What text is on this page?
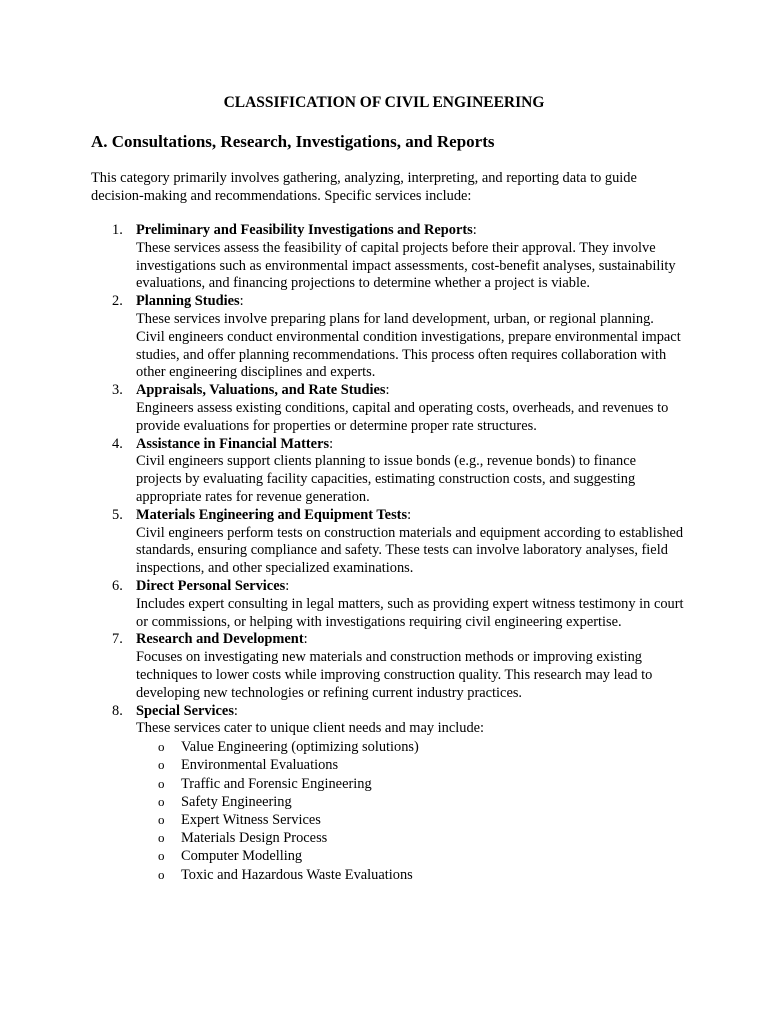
CLASSIFICATION OF CIVIL ENGINEERING
A. Consultations, Research, Investigations, and Reports

This category primarily involves gathering, analyzing, interpreting, and reporting data to guide decision-making and recommendations. Specific services include:

1. Preliminary and Feasibility Investigations and Reports:
These services assess the feasibility of capital projects before their approval. They involve investigations such as environmental impact assessments, cost-benefit analyses, sustainability evaluations, and financing projections to determine whether a project is viable.
2. Planning Studies:
These services involve preparing plans for land development, urban, or regional planning. Civil engineers conduct environmental condition investigations, prepare environmental impact studies, and offer planning recommendations. This process often requires collaboration with other engineering disciplines and experts.
3. Appraisals, Valuations, and Rate Studies:
Engineers assess existing conditions, capital and operating costs, overheads, and revenues to provide evaluations for properties or determine proper rate structures.
4. Assistance in Financial Matters:
Civil engineers support clients planning to issue bonds (e.g., revenue bonds) to finance projects by evaluating facility capacities, estimating construction costs, and suggesting appropriate rates for revenue generation.
5. Materials Engineering and Equipment Tests:
Civil engineers perform tests on construction materials and equipment according to established standards, ensuring compliance and safety. These tests can involve laboratory analyses, field inspections, and other specialized examinations.
6. Direct Personal Services:
Includes expert consulting in legal matters, such as providing expert witness testimony in court or commissions, or helping with investigations requiring civil engineering expertise.
7. Research and Development:
Focuses on investigating new materials and construction methods or improving existing techniques to lower costs while improving construction quality. This research may lead to developing new technologies or refining current industry practices.
8. Special Services:
These services cater to unique client needs and may include:
o Value Engineering (optimizing solutions)
o Environmental Evaluations
o Traffic and Forensic Engineering
o Safety Engineering
o Expert Witness Services
o Materials Design Process
o Computer Modelling
o Toxic and Hazardous Waste Evaluations
